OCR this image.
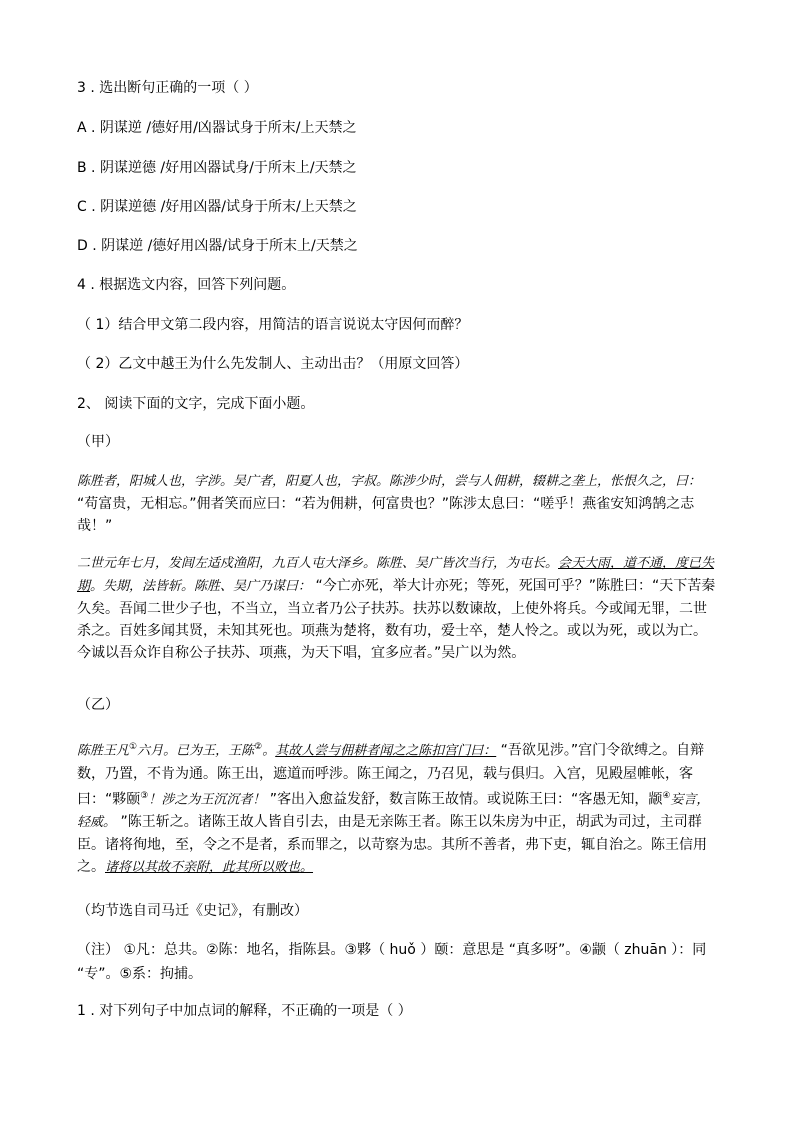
3 . 选出断句正确的一项（ ）
A . 阴谋逆 /德好用/凶器试身于所末/上天禁之
B . 阴谋逆德 /好用凶器试身/于所末上/天禁之
C . 阴谋逆德 /好用凶器/试身于所末/上天禁之
D . 阴谋逆 /德好用凶器/试身于所末上/天禁之
4 . 根据选文内容，回答下列问题。
（ 1）结合甲文第二段内容，用简洁的语言说说太守因何而醉？
（ 2）乙文中越王为什么先发制人、主动出击？（用原文回答）
2、 阅读下面的文字，完成下面小题。
（甲）
陈胜者，阳城人也，字涉。吴广者，阳夏人也，字叔。陈涉少时，尝与人佣耕，辍耕之垄上，怅恨久之，曰： “苟富贵，无相忘。”佣者笑而应曰：“若为佣耕，何富贵也？”陈涉太息曰：“嗟乎！燕雀安知鸿鹄之志哉！”
二世元年七月，发闾左适戍渔阳，九百人屯大泽乡。陈胜、吴广皆次当行，为屯长。会天大雨，道不通，度已失期。失期，法皆斩。陈胜、吴广乃谋曰： “今亡亦死，举大计亦死；等死，死国可乎？”陈胜曰：“天下苦秦久矣。吾闻二世少子也，不当立，当立者乃公子扶苏。扶苏以数谏故，上使外将兵。今或闻无罪，二世杀之。百姓多闻其贤，未知其死也。项燕为楚将，数有功，爱士卒，楚人怜之。或以为死，或以为亡。今诚以吾众诈自称公子扶苏、项燕，为天下唱，宜多应者。”吴广以为然。
（乙）
陈胜王凡①六月。已为王，王陈②。其故人尝与佣耕者闻之之陈扣宫门曰： “吾欲见涉。”宫门令欲缚之。自辩数，乃置，不肯为通。陈王出，遮道而呼涉。陈王闻之，乃召见，载与俱归。入宫，见殿屋帷帐，客曰：“夥颐③！涉之为王沉沉者！ ”客出入愈益发舒，数言陈王故情。或说陈王曰：“客愚无知，颛④妄言，轻威。 ”陈王斩之。诸陈王故人皆自引去，由是无亲陈王者。陈王以朱房为中正，胡武为司过，主司群臣。诸将徇地，至，令之不是者，系而罪之，以苛察为忠。其所不善者，弗下吏，辄自治之。陈王信用之。诸将以其故不亲附，此其所以败也。
（均节选自司马迁《史记》，有删改）
（注） ①凡：总共。②陈：地名，指陈县。③夥（ huǒ ）颐：意思是 “真多呀”。④颛（ zhuān ）：同 “专”。⑤系：拘捕。
1 . 对下列句子中加点词的解释，不正确的一项是（ ）
